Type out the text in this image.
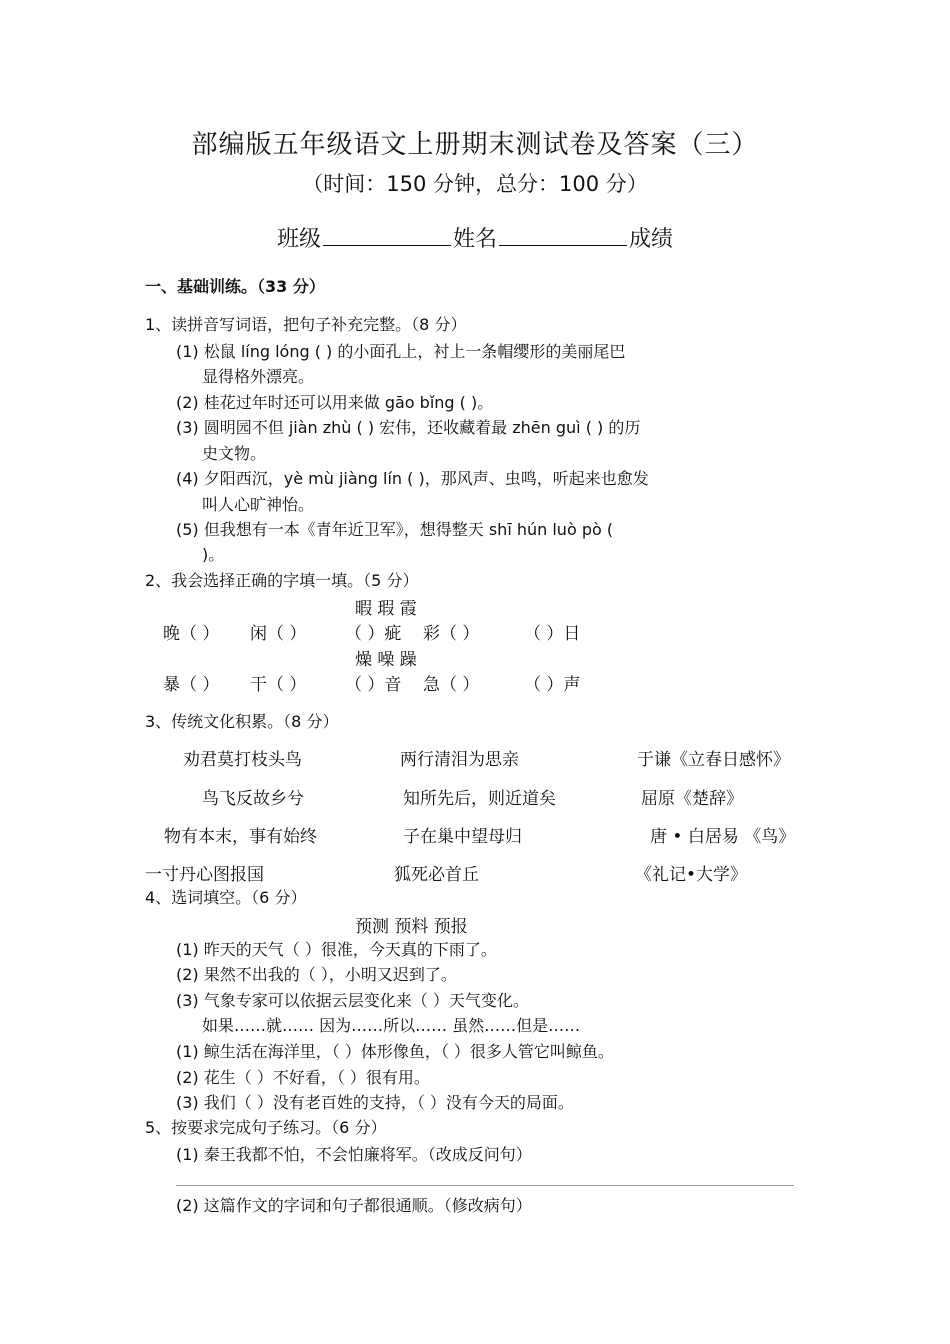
部编版五年级语文上册期末测试卷及答案（三）
（时间：150 分钟，总分：100 分）
班级	姓名	成绩
一、基础训练。（33 分）
1、读拼音写词语，把句子补充完整。（8 分）
(1) 松鼠 líng lóng ( ) 的小面孔上，衬上一条帽缨形的美丽尾巴
显得格外漂亮。
(2) 桂花过年时还可以用来做 gāo bǐng ( )。
(3) 圆明园不但 jiàn zhù ( ) 宏伟，还收藏着最 zhēn guì ( ) 的历
史文物。
(4) 夕阳西沉，yè mù jiàng lín ( )，那风声、虫鸣，听起来也愈发
叫人心旷神怡。
(5) 但我想有一本《青年近卫军》，想得整天 shī hún luò pò (
)。
2、我会选择正确的字填一填。（5 分）
暇 瑕 霞
晚（ ） 闲（ ） （ ）疵 彩（ ）	（ ）日
燥 噪 躁
暴（ ） 干（ ） （ ）音 急（ ）	（ ）声
3、传统文化积累。（8 分）
劝君莫打枝头鸟	两行清泪为思亲	于谦《立春日感怀》
鸟飞反故乡兮	知所先后，则近道矣	屈原《楚辞》
物有本末，事有始终	子在巢中望母归	唐 • 白居易 《鸟》
一寸丹心图报国	狐死必首丘	《礼记•大学》
4、选词填空。（6 分）
预测 预料 预报
(1) 昨天的天气（ ）很准，今天真的下雨了。
(2) 果然不出我的（ ），小明又迟到了。
(3) 气象专家可以依据云层变化来（ ）天气变化。
如果……就…… 因为……所以…… 虽然……但是……
(1) 鲸生活在海洋里，（ ）体形像鱼，（ ）很多人管它叫鲸鱼。
(2) 花生（ ）不好看，（ ）很有用。
(3) 我们（ ）没有老百姓的支持，（ ）没有今天的局面。
5、按要求完成句子练习。（6 分）
(1) 秦王我都不怕，不会怕廉将军。（改成反问句）
(2) 这篇作文的字词和句子都很通顺。（修改病句）
